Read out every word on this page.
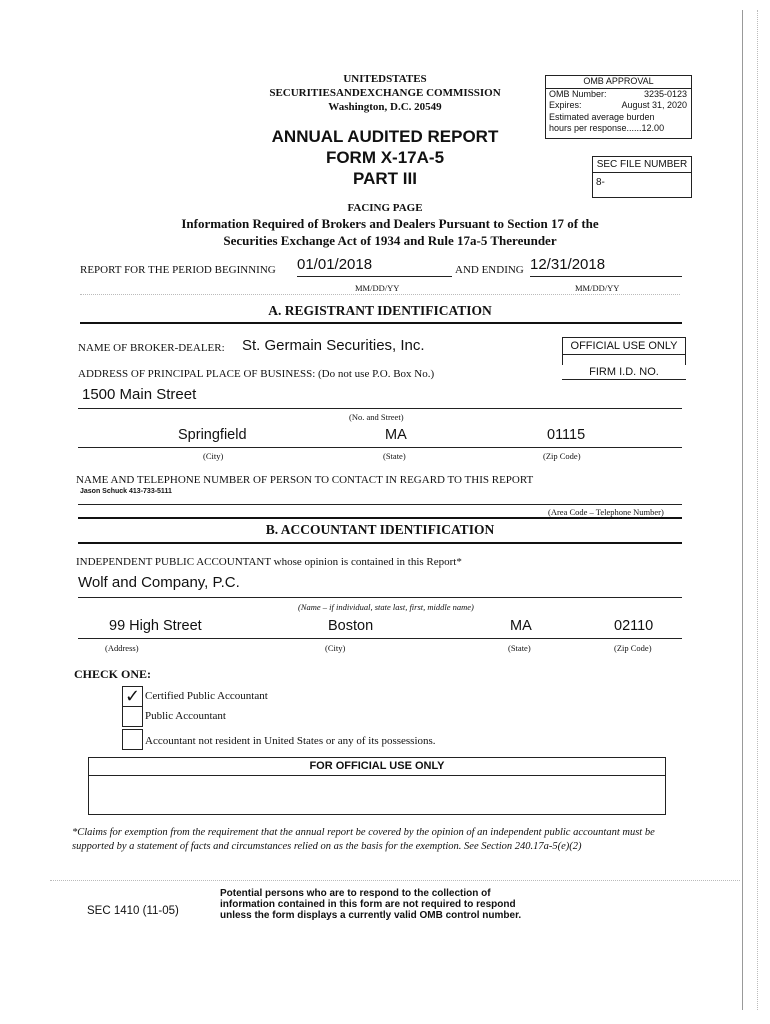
UNITEDSTATES
SECURITIESANDEXCHANGE COMMISSION
Washington, D.C. 20549
ANNUAL AUDITED REPORT
FORM X-17A-5
PART III
OMB APPROVAL
OMB Number:	3235-0123
Expires:	August 31, 2020
Estimated average burden
hours per response......12.00
SEC FILE NUMBER
8-
FACING PAGE
Information Required of Brokers and Dealers Pursuant to Section 17 of the
Securities Exchange Act of 1934 and Rule 17a-5 Thereunder
REPORT FOR THE PERIOD BEGINNING 01/01/2018	AND ENDING 12/31/2018
MM/DD/YY	MM/DD/YY
A. REGISTRANT IDENTIFICATION
NAME OF BROKER-DEALER: St. Germain Securities, Inc.	OFFICIAL USE ONLY
FIRM I.D. NO.
ADDRESS OF PRINCIPAL PLACE OF BUSINESS: (Do not use P.O. Box No.)
1500 Main Street
(No. and Street)
Springfield	MA	01115
(City)	(State)	(Zip Code)
NAME AND TELEPHONE NUMBER OF PERSON TO CONTACT IN REGARD TO THIS REPORT
Jason Schuck 413-733-5111
(Area Code – Telephone Number)
B. ACCOUNTANT IDENTIFICATION
INDEPENDENT PUBLIC ACCOUNTANT whose opinion is contained in this Report*
Wolf and Company, P.C.
(Name – if individual, state last, first, middle name)
99 High Street	Boston	MA	02110
(Address)	(City)	(State)	(Zip Code)
CHECK ONE:
✓ Certified Public Accountant
Public Accountant
Accountant not resident in United States or any of its possessions.
FOR OFFICIAL USE ONLY
*Claims for exemption from the requirement that the annual report be covered by the opinion of an independent public accountant must be supported by a statement of facts and circumstances relied on as the basis for the exemption. See Section 240.17a-5(e)(2)
SEC 1410 (11-05)
Potential persons who are to respond to the collection of
information contained in this form are not required to respond
unless the form displays a currently valid OMB control number.
